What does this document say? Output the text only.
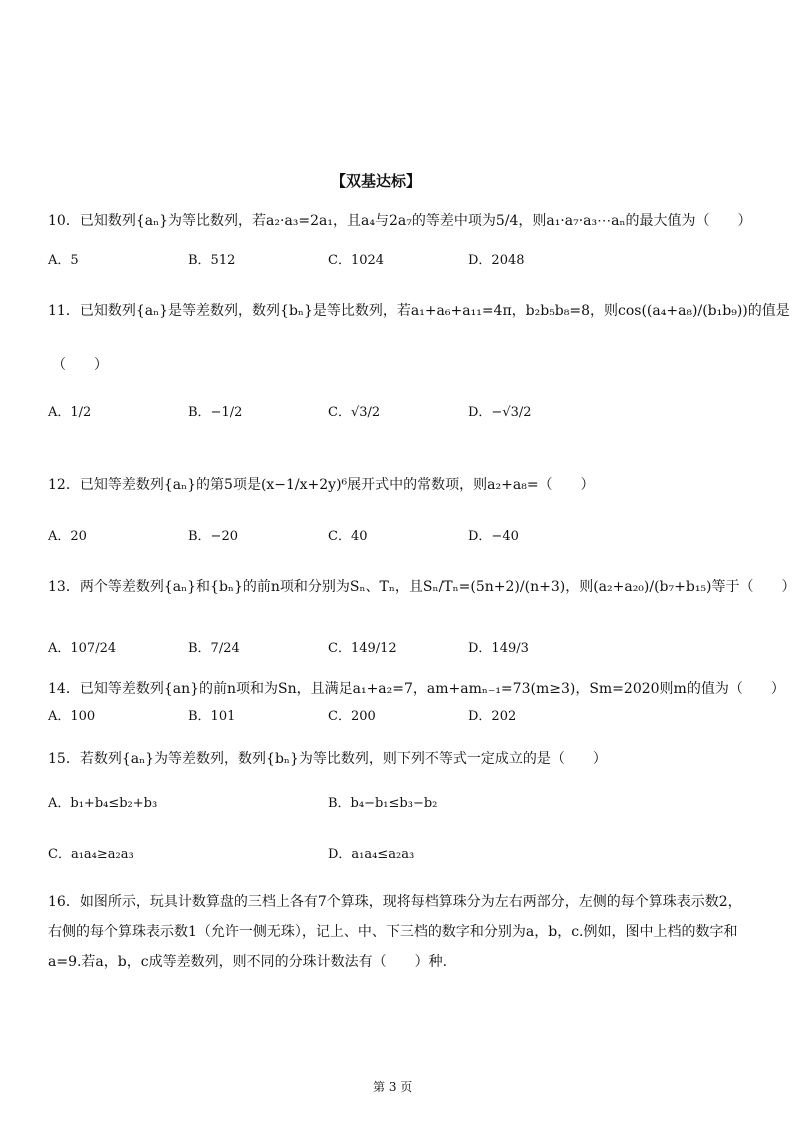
【双基达标】
10．已知数列{aₙ}为等比数列，若a₂·a₃=2a₁，且a₄与2a₇的等差中项为5/4，则a₁·a₇·a₃⋯aₙ的最大值为（　　）
A．5	B．512	C．1024	D．2048
11．已知数列{aₙ}是等差数列，数列{bₙ}是等比数列，若a₁+a₆+a₁₁=4π，b₂b₅b₈=8，则cos((a₄+a₈)/(b₁b₉))的值是
（　　）
A．1/2	B．−1/2	C．√3/2	D．−√3/2
12．已知等差数列{aₙ}的第5项是(x−1/x+2y)⁶展开式中的常数项，则a₂+a₈=（　　）
A．20	B．−20	C．40	D．−40
13．两个等差数列{aₙ}和{bₙ}的前n项和分别为Sₙ、Tₙ，且Sₙ/Tₙ=(5n+2)/(n+3)，则(a₂+a₂₀)/(b₇+b₁₅)等于（　　）
A．107/24	B．7/24	C．149/12	D．149/3
14．已知等差数列{an}的前n项和为Sn，且满足a₁+a₂=7，am+amₙ₋₁=73(m≥3)，Sm=2020则m的值为（　　）
A．100	B．101	C．200	D．202
15．若数列{aₙ}为等差数列，数列{bₙ}为等比数列，则下列不等式一定成立的是（　　）
A．b₁+b₄≤b₂+b₃	B．b₄−b₁≤b₃−b₂
C．a₁a₄≥a₂a₃	D．a₁a₄≤a₂a₃
16．如图所示，玩具计数算盘的三档上各有7个算珠，现将每档算珠分为左右两部分，左侧的每个算珠表示数2，
右侧的每个算珠表示数1（允许一侧无珠），记上、中、下三档的数字和分别为a，b，c.例如，图中上档的数字和
a=9.若a，b，c成等差数列，则不同的分珠计数法有（　　）种.
第 3 页
